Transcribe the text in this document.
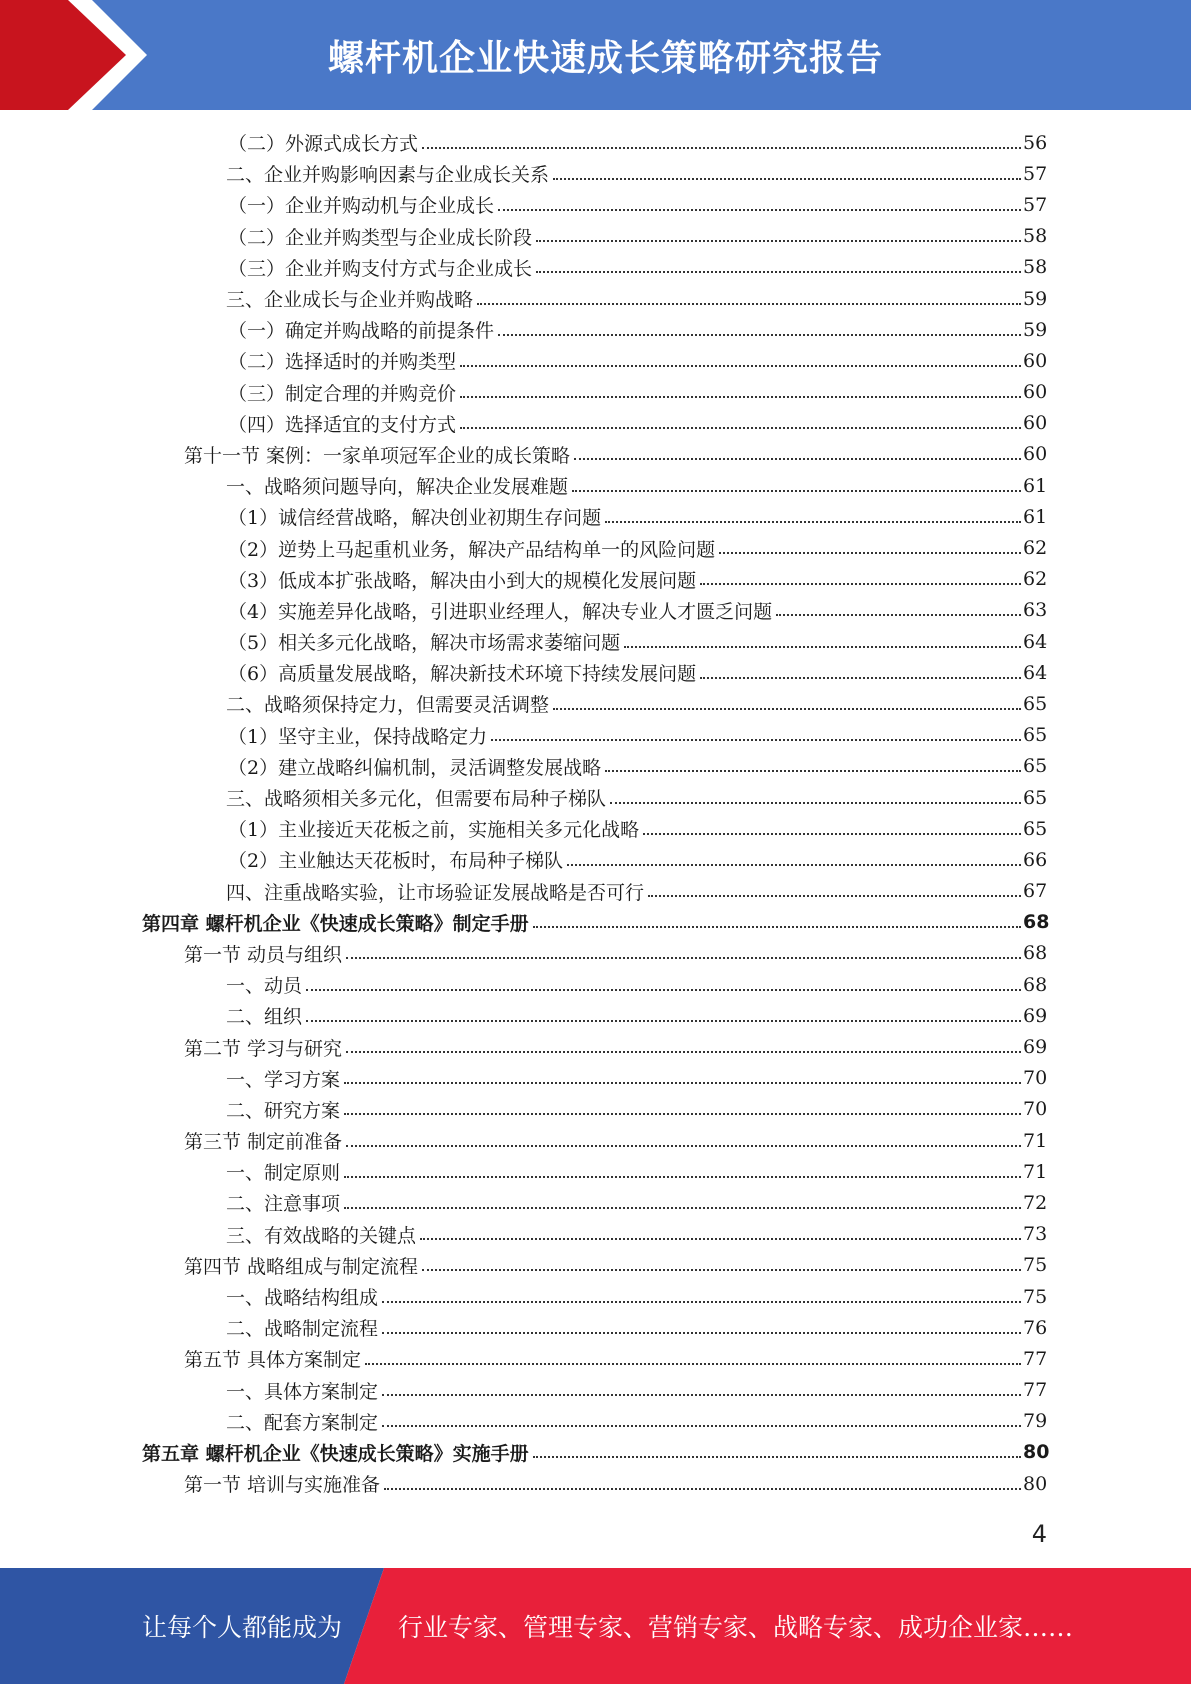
螺杆机企业快速成长策略研究报告
（二）外源式成长方式	56
二、企业并购影响因素与企业成长关系	57
（一）企业并购动机与企业成长	57
（二）企业并购类型与企业成长阶段	58
（三）企业并购支付方式与企业成长	58
三、企业成长与企业并购战略	59
（一）确定并购战略的前提条件	59
（二）选择适时的并购类型	60
（三）制定合理的并购竞价	60
（四）选择适宜的支付方式	60
第十一节 案例：一家单项冠军企业的成长策略	60
一、战略须问题导向，解决企业发展难题	61
（1）诚信经营战略，解决创业初期生存问题	61
（2）逆势上马起重机业务，解决产品结构单一的风险问题	62
（3）低成本扩张战略，解决由小到大的规模化发展问题	62
（4）实施差异化战略，引进职业经理人，解决专业人才匮乏问题	63
（5）相关多元化战略，解决市场需求萎缩问题	64
（6）高质量发展战略，解决新技术环境下持续发展问题	64
二、战略须保持定力，但需要灵活调整	65
（1）坚守主业，保持战略定力	65
（2）建立战略纠偏机制，灵活调整发展战略	65
三、战略须相关多元化，但需要布局种子梯队	65
（1）主业接近天花板之前，实施相关多元化战略	65
（2）主业触达天花板时，布局种子梯队	66
四、注重战略实验，让市场验证发展战略是否可行	67
第四章 螺杆机企业《快速成长策略》制定手册	68
第一节 动员与组织	68
一、动员	68
二、组织	69
第二节 学习与研究	69
一、学习方案	70
二、研究方案	70
第三节 制定前准备	71
一、制定原则	71
二、注意事项	72
三、有效战略的关键点	73
第四节 战略组成与制定流程	75
一、战略结构组成	75
二、战略制定流程	76
第五节 具体方案制定	77
一、具体方案制定	77
二、配套方案制定	79
第五章 螺杆机企业《快速成长策略》实施手册	80
第一节 培训与实施准备	80
4
让每个人都能成为 行业专家、管理专家、营销专家、战略专家、成功企业家……
